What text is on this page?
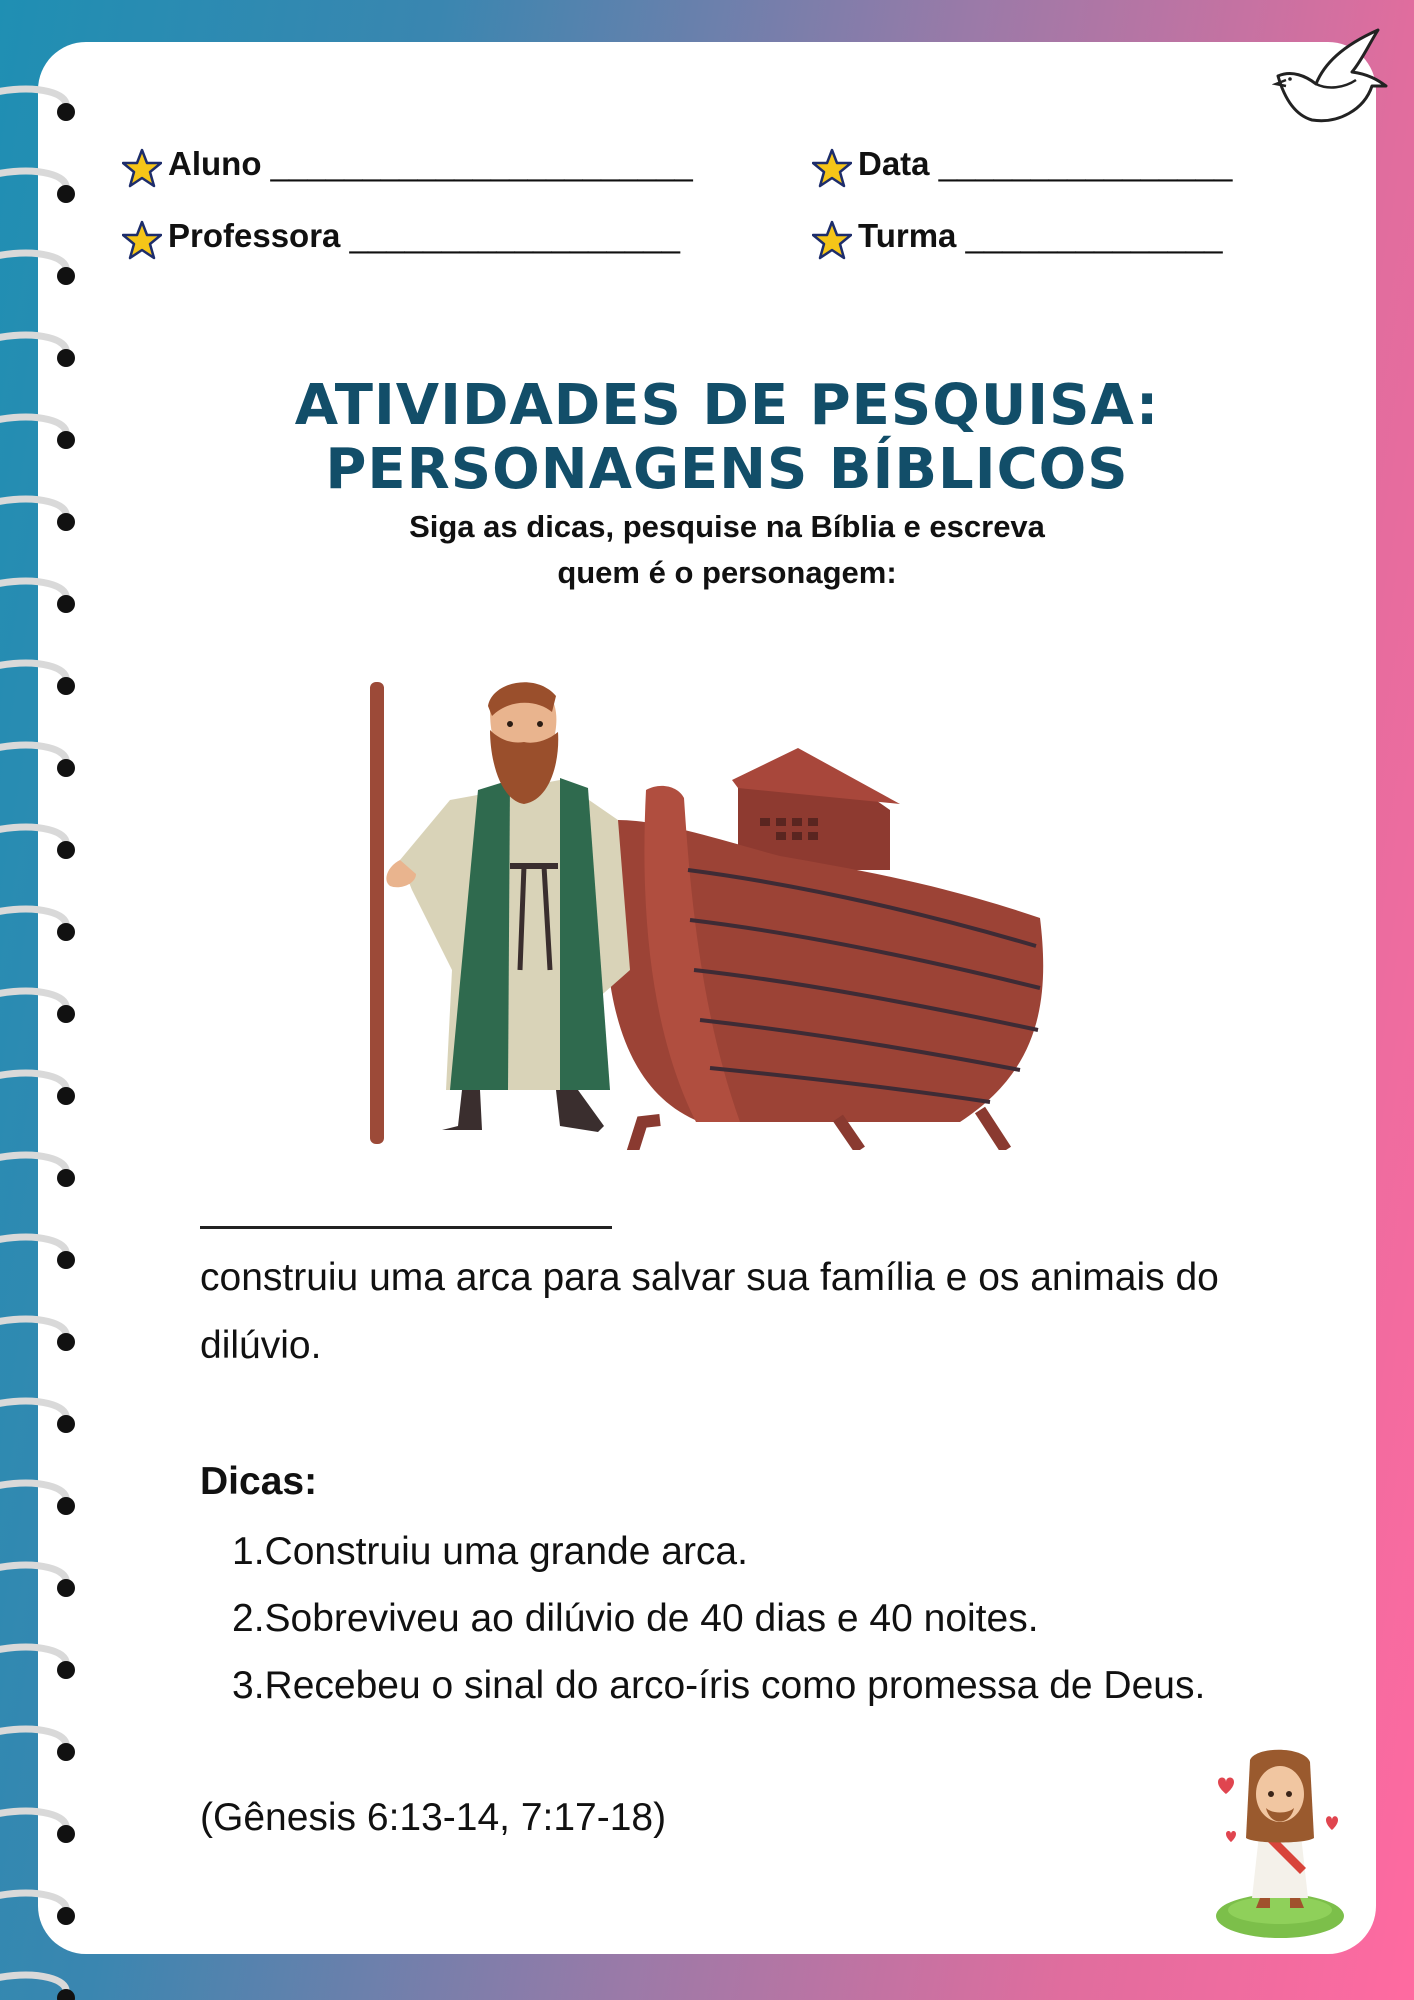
Aluno
_______________________	Data
________________
Professora
__________________	Turma
______________
ATIVIDADES DE PESQUISA:
PERSONAGENS BÍBLICOS
Siga as dicas, pesquise na Bíblia e escreva
quem é o personagem:
construiu uma arca para salvar sua família e os animais do
dilúvio.
Dicas:
1.Construiu uma grande arca.
2.Sobreviveu ao dilúvio de 40 dias e 40 noites.
3.Recebeu o sinal do arco-íris como promessa de Deus.
(Gênesis 6:13-14, 7:17-18)
